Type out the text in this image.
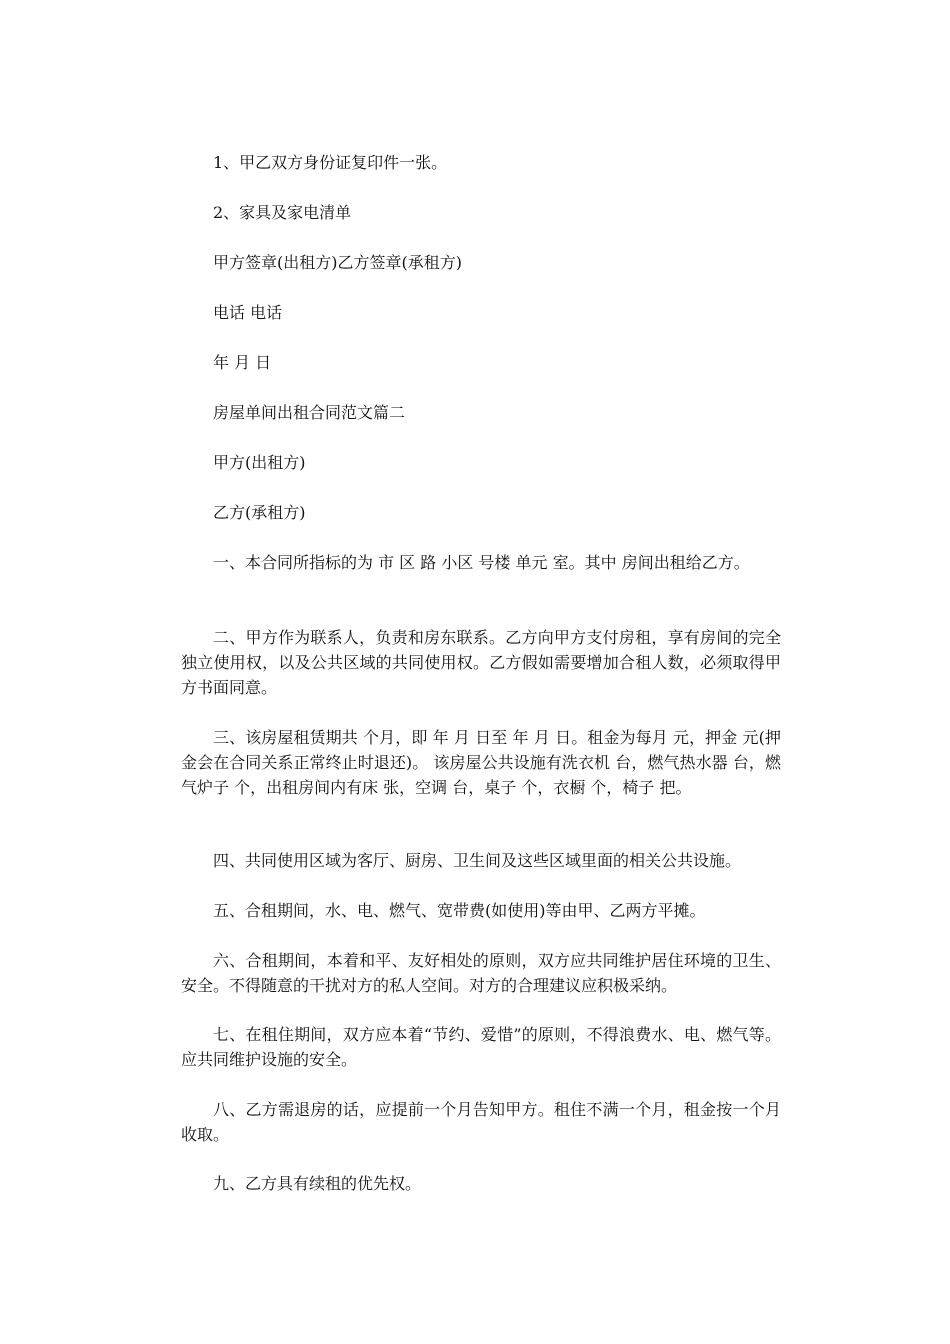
1、甲乙双方身份证复印件一张。

2、家具及家电清单

甲方签章(出租方)乙方签章(承租方)

电话 电话

年 月 日

房屋单间出租合同范文篇二

甲方(出租方)

乙方(承租方)

一、本合同所指标的为 市 区 路 小区 号楼 单元 室。其中 房间出租给乙方。

二、甲方作为联系人，负责和房东联系。乙方向甲方支付房租，享有房间的完全独立使用权，以及公共区域的共同使用权。乙方假如需要增加合租人数，必须取得甲方书面同意。

三、该房屋租赁期共 个月，即 年 月 日至 年 月 日。租金为每月 元，押金 元(押金会在合同关系正常终止时退还)。 该房屋公共设施有洗衣机 台，燃气热水器 台，燃气炉子 个，出租房间内有床 张，空调 台，桌子 个，衣橱 个，椅子 把。

四、共同使用区域为客厅、厨房、卫生间及这些区域里面的相关公共设施。

五、合租期间，水、电、燃气、宽带费(如使用)等由甲、乙两方平摊。

六、合租期间，本着和平、友好相处的原则，双方应共同维护居住环境的卫生、安全。不得随意的干扰对方的私人空间。对方的合理建议应积极采纳。

七、在租住期间，双方应本着“节约、爱惜”的原则，不得浪费水、电、燃气等。应共同维护设施的安全。

八、乙方需退房的话，应提前一个月告知甲方。租住不满一个月，租金按一个月收取。

九、乙方具有续租的优先权。
